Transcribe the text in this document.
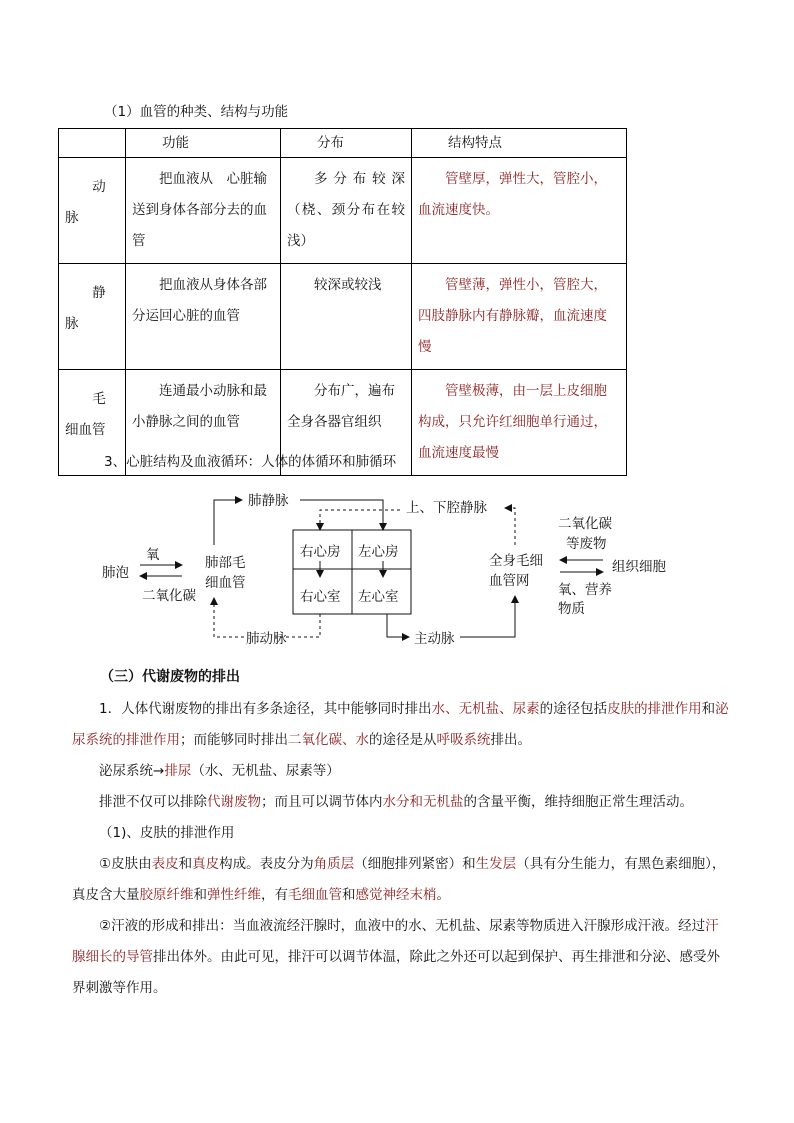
（1）血管的种类、结构与功能
	功能	分布	结构特点

动
脉	把血液从　心脏输送到身体各部分去的血管	多分布较深（桡、颈分布在较浅）	管壁厚，弹性大，管腔小，血流速度快。

静
脉	把血液从身体各部分运回心脏的血管	较深或较浅	管壁薄，弹性小，管腔大，四肢静脉内有静脉瓣，血流速度慢

毛
细血管	连通最小动脉和最小静脉之间的血管	分布广，遍布全身各器官组织	管壁极薄，由一层上皮细胞构成，只允许红细胞单行通过，血流速度最慢
3、心脏结构及血液循环：人体的体循环和肺循环
右心房 左心房
右心室 左心室
肺静脉	上、下腔静脉
肺动脉	主动脉
肺泡
氧
二氧化碳
肺部毛
细血管
全身毛细
血管网
二氧化碳
等废物
组织细胞
氧、营养
物质
（三）代谢废物的排出
1．人体代谢废物的排出有多条途径，其中能够同时排出水、无机盐、尿素的途径包括皮肤的排泄作用和泌尿系统的排泄作用；而能够同时排出二氧化碳、水的途径是从呼吸系统排出。
泌尿系统→排尿（水、无机盐、尿素等）
排泄不仅可以排除代谢废物；而且可以调节体内水分和无机盐的含量平衡，维持细胞正常生理活动。
（1)、皮肤的排泄作用
①皮肤由表皮和真皮构成。表皮分为角质层（细胞排列紧密）和生发层（具有分生能力，有黑色素细胞），真皮含大量胶原纤维和弹性纤维，有毛细血管和感觉神经末梢。
②汗液的形成和排出：当血液流经汗腺时，血液中的水、无机盐、尿素等物质进入汗腺形成汗液。经过汗腺细长的导管排出体外。由此可见，排汗可以调节体温，除此之外还可以起到保护、再生排泄和分泌、感受外界刺激等作用。
